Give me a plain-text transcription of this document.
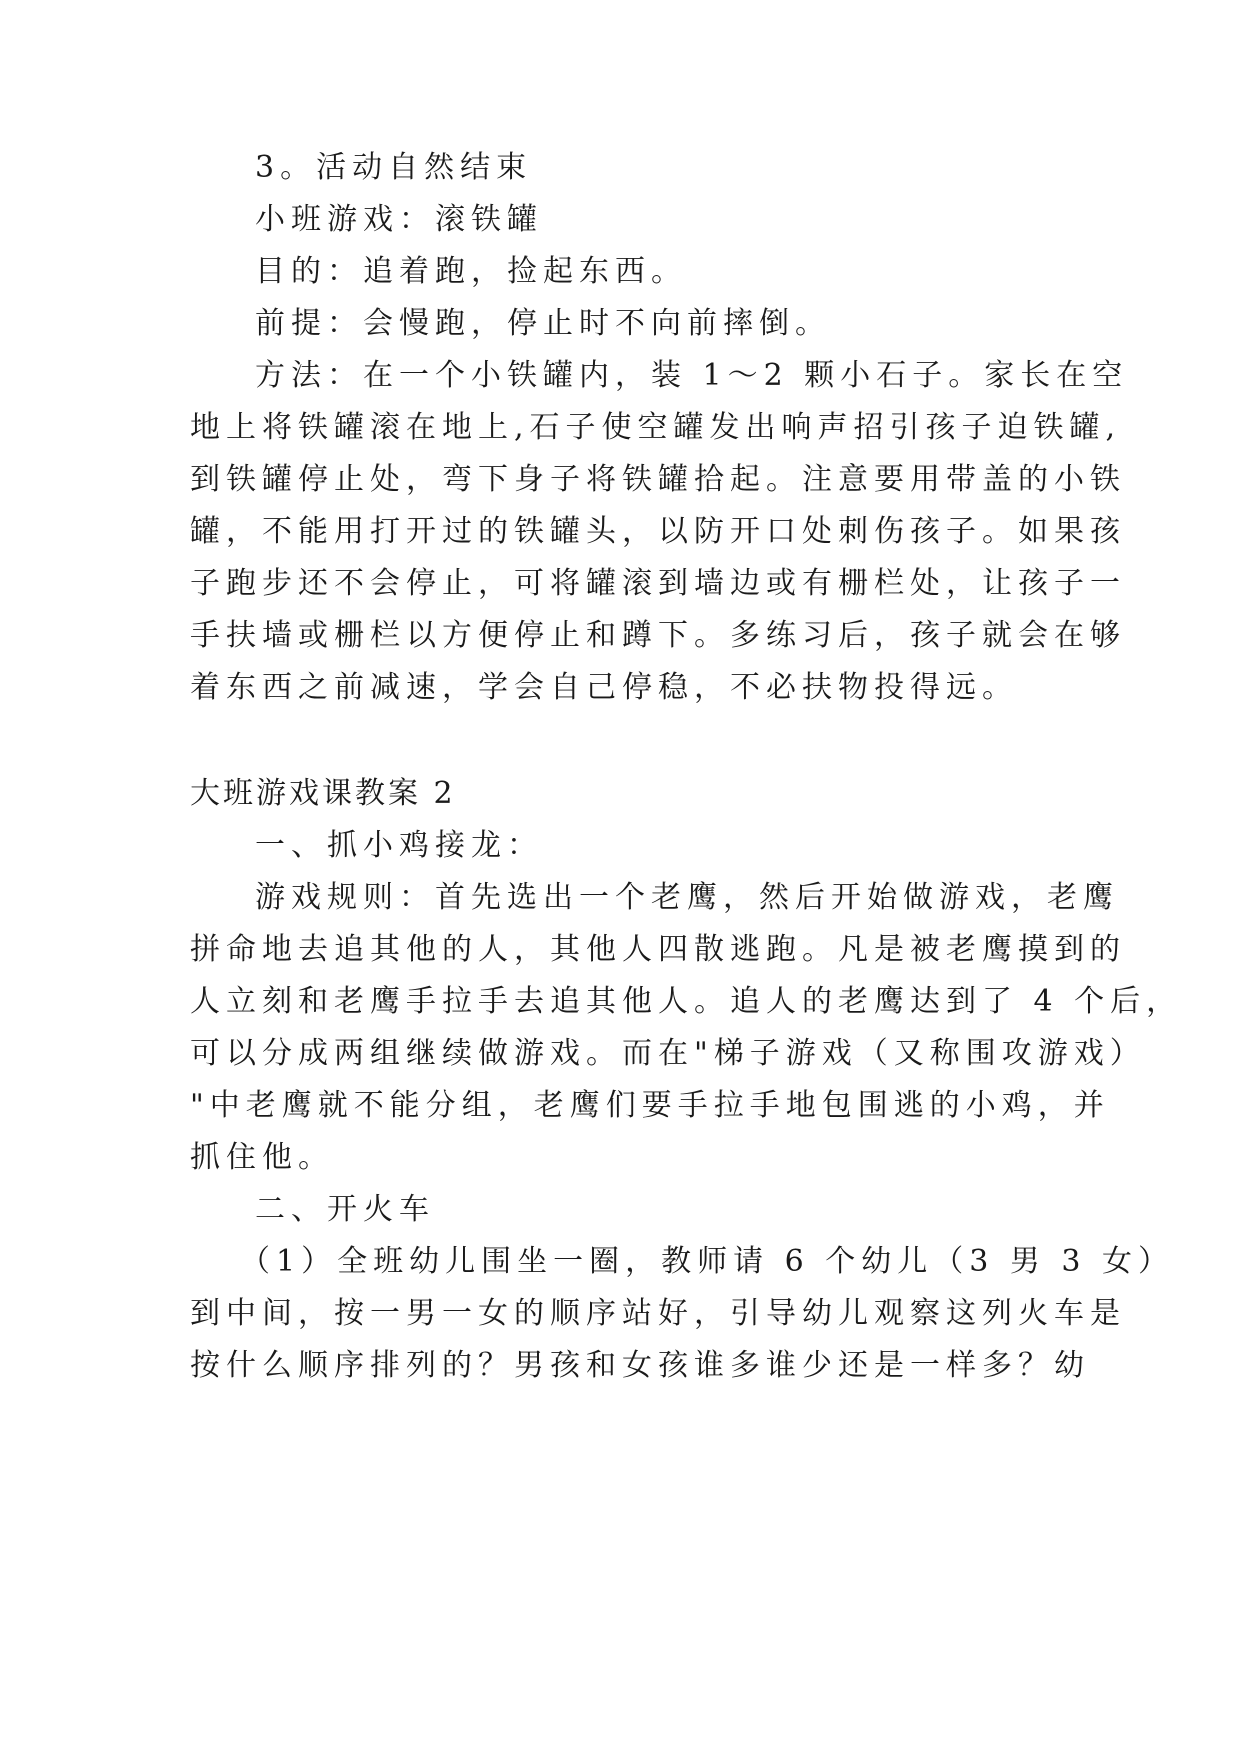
3。活动自然结束
小班游戏：滚铁罐
目的：追着跑，捡起东西。
前提：会慢跑，停止时不向前摔倒。
方法：在一个小铁罐内，装 1～2 颗小石子。家长在空
地上将铁罐滚在地上,石子使空罐发出响声招引孩子迫铁罐,
到铁罐停止处，弯下身子将铁罐拾起。注意要用带盖的小铁
罐，不能用打开过的铁罐头，以防开口处刺伤孩子。如果孩
子跑步还不会停止，可将罐滚到墙边或有栅栏处，让孩子一
手扶墙或栅栏以方便停止和蹲下。多练习后，孩子就会在够
着东西之前减速，学会自己停稳，不必扶物投得远。
大班游戏课教案 2
一、抓小鸡接龙：
游戏规则：首先选出一个老鹰，然后开始做游戏，老鹰
拼命地去追其他的人，其他人四散逃跑。凡是被老鹰摸到的
人立刻和老鹰手拉手去追其他人。追人的老鹰达到了 4 个后，
可以分成两组继续做游戏。而在"梯子游戏（又称围攻游戏）
"中老鹰就不能分组，老鹰们要手拉手地包围逃的小鸡，并
抓住他。
二、开火车
（1）全班幼儿围坐一圈，教师请 6 个幼儿（3 男 3 女）
到中间，按一男一女的顺序站好，引导幼儿观察这列火车是
按什么顺序排列的？男孩和女孩谁多谁少还是一样多？幼
